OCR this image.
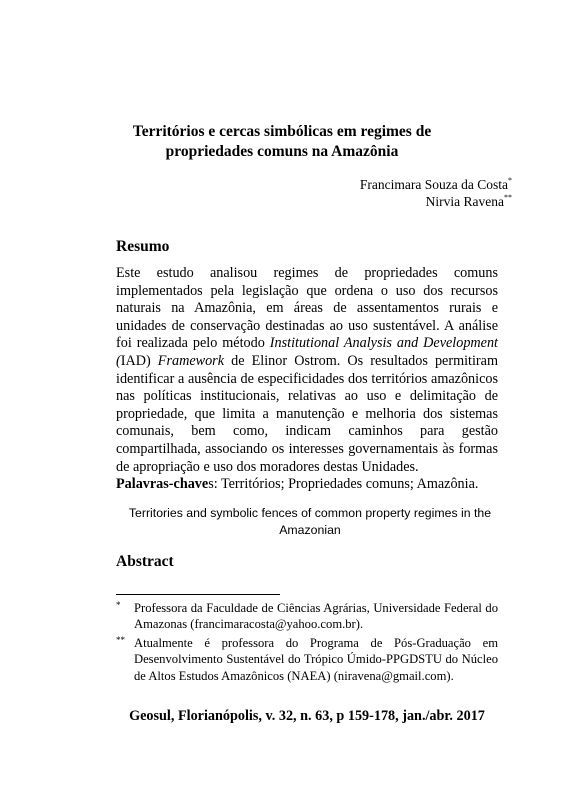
Territórios e cercas simbólicas em regimes de
propriedades comuns na Amazônia
Francimara Souza da Costa*
Nirvia Ravena**
Resumo

Este estudo analisou regimes de propriedades comuns implementados pela legislação que ordena o uso dos recursos naturais na Amazônia, em áreas de assentamentos rurais e unidades de conservação destinadas ao uso sustentável. A análise foi realizada pelo método Institutional Analysis and Development (IAD) Framework de Elinor Ostrom. Os resultados permitiram identificar a ausência de especificidades dos territórios amazônicos nas políticas institucionais, relativas ao uso e delimitação de propriedade, que limita a manutenção e melhoria dos sistemas comunais, bem como, indicam caminhos para gestão compartilhada, associando os interesses governamentais às formas de apropriação e uso dos moradores destas Unidades.

Palavras-chaves: Territórios; Propriedades comuns; Amazônia.

Territories and symbolic fences of common property regimes in the Amazonian
Abstract
* Professora da Faculdade de Ciências Agrárias, Universidade Federal do Amazonas (francimaracosta@yahoo.com.br).
** Atualmente é professora do Programa de Pós-Graduação em Desenvolvimento Sustentável do Trópico Úmido-PPGDSTU do Núcleo de Altos Estudos Amazônicos (NAEA) (niravena@gmail.com).
Geosul, Florianópolis, v. 32, n. 63, p 159-178, jan./abr. 2017
